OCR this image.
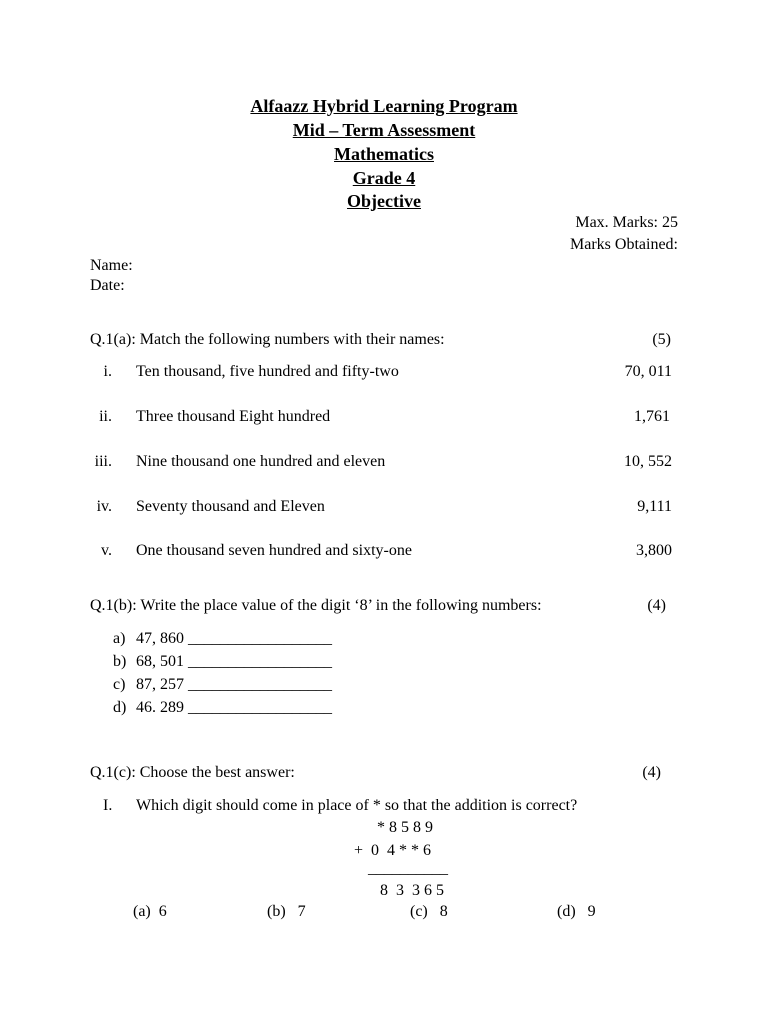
Alfaazz Hybrid Learning Program
Mid – Term Assessment
Mathematics
Grade 4
Objective
Max. Marks: 25
Marks Obtained:
Name:
Date:
Q.1(a): Match the following numbers with their names:	(5)
i. Ten thousand, five hundred and fifty-two	70, 011
ii. Three thousand Eight hundred	1,761
iii. Nine thousand one hundred and eleven	10, 552
iv. Seventy thousand and Eleven	9,111
v. One thousand seven hundred and sixty-one	3,800
Q.1(b): Write the place value of the digit ‘8’ in the following numbers:	(4)
a) 47, 860 __________________
b) 68, 501 __________________
c) 87, 257 __________________
d) 46. 289 __________________
Q.1(c): Choose the best answer:	(4)
I. Which digit should come in place of * so that the addition is correct?
* 8 5 8 9
+  0  4 * * 6
__________
8  3  3 6 5
(a)  6	(b)   7	(c)   8	(d)   9
